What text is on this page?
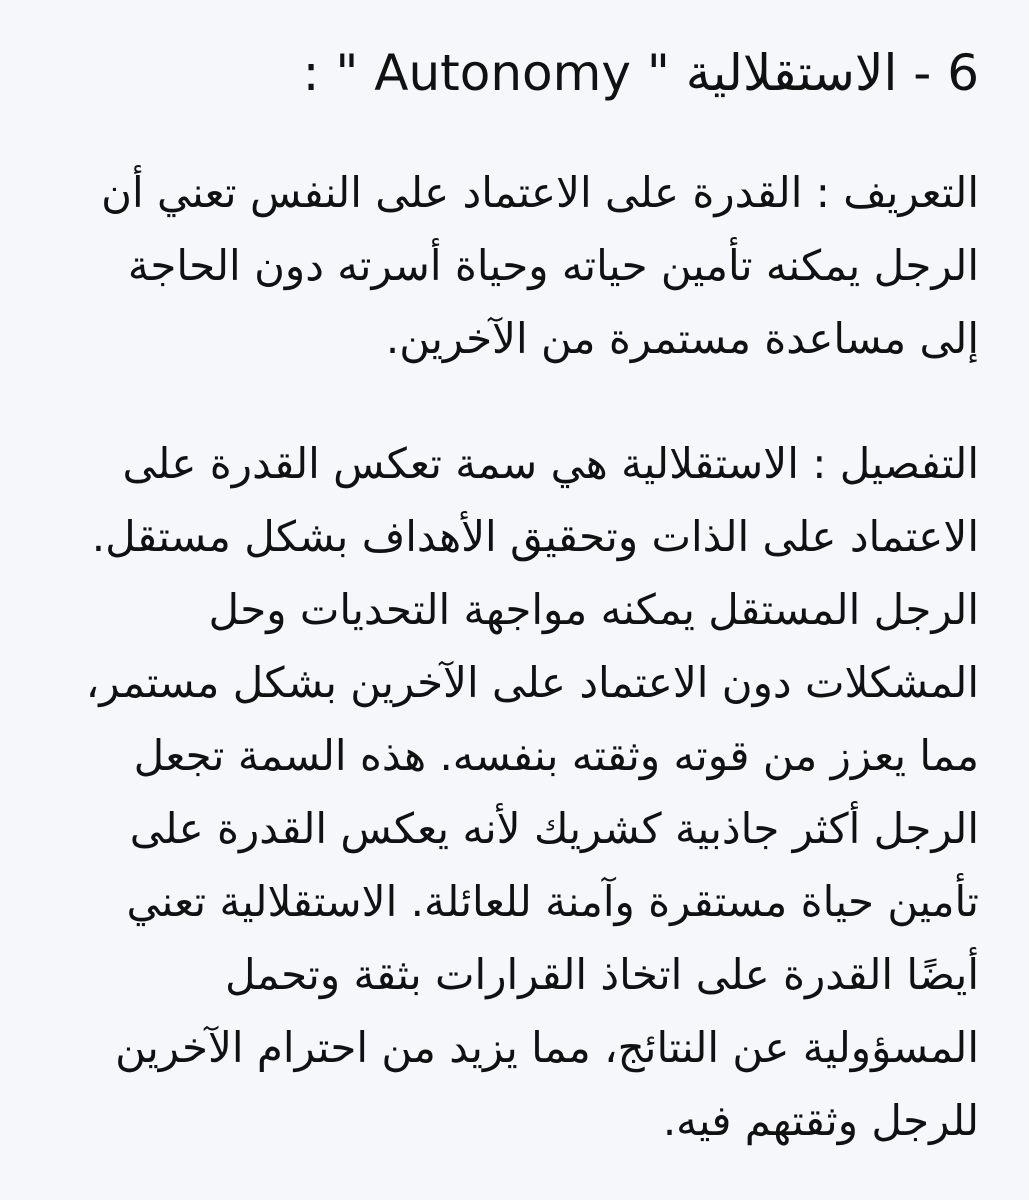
6 - الاستقلالية " Autonomy " :

التعريف : القدرة على الاعتماد على النفس تعني أن
الرجل يمكنه تأمين حياته وحياة أسرته دون الحاجة
إلى مساعدة مستمرة من الآخرين.

التفصيل : الاستقلالية هي سمة تعكس القدرة على
الاعتماد على الذات وتحقيق الأهداف بشكل مستقل.
الرجل المستقل يمكنه مواجهة التحديات وحل
المشكلات دون الاعتماد على الآخرين بشكل مستمر،
مما يعزز من قوته وثقته بنفسه. هذه السمة تجعل
الرجل أكثر جاذبية كشريك لأنه يعكس القدرة على
تأمين حياة مستقرة وآمنة للعائلة. الاستقلالية تعني
أيضًا القدرة على اتخاذ القرارات بثقة وتحمل
المسؤولية عن النتائج، مما يزيد من احترام الآخرين
للرجل وثقتهم فيه.
